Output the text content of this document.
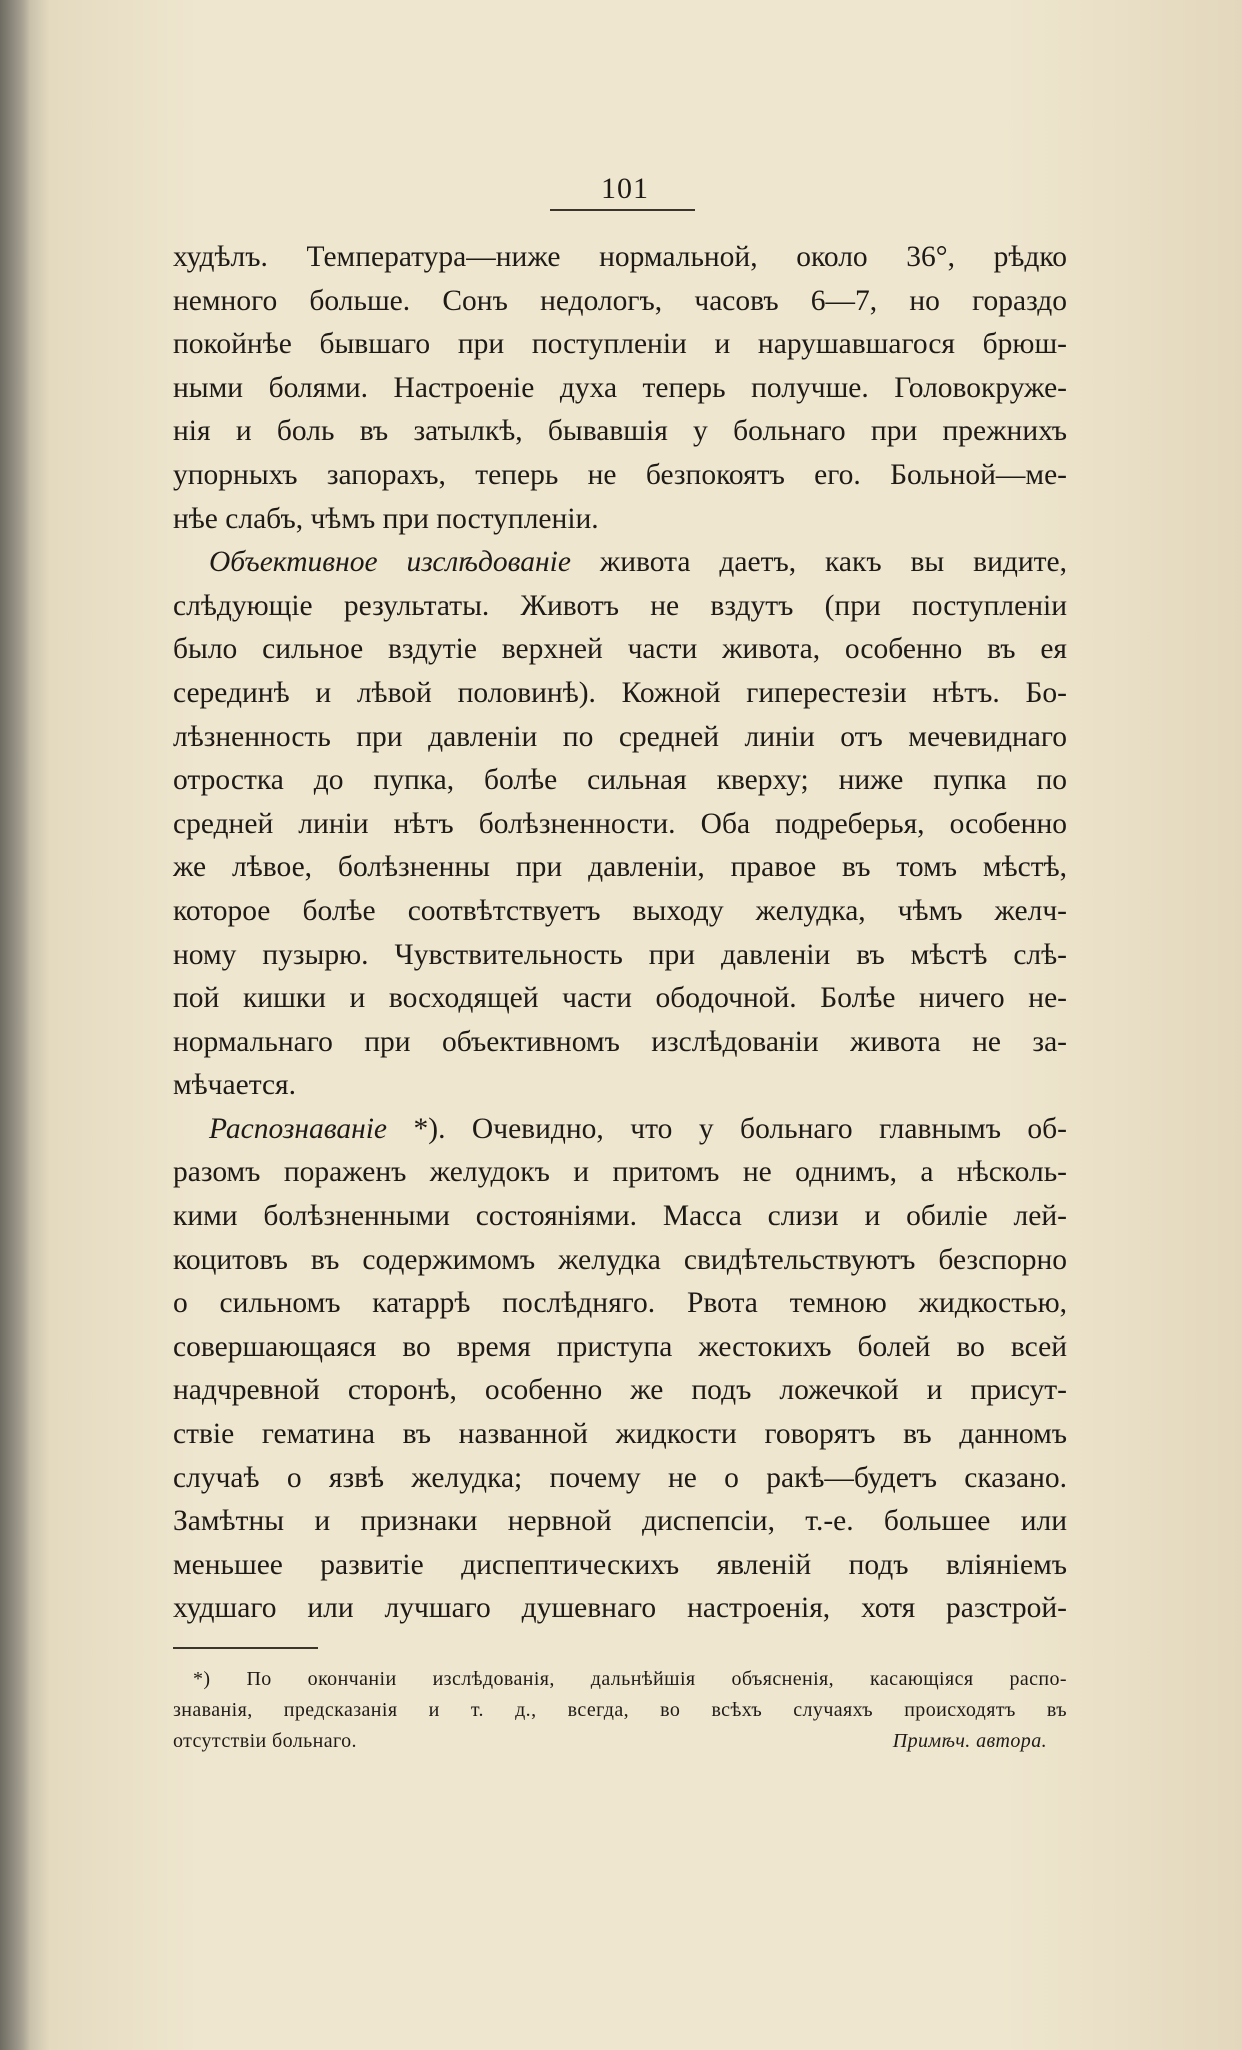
101
худѣлъ. Температура—ниже нормальной, около 36°, рѣдко
немного больше. Сонъ недологъ, часовъ 6—7, но гораздо
покойнѣе бывшаго при поступленіи и нарушавшагося брюш-
ными болями. Настроеніе духа теперь получше. Головокруже-
нія и боль въ затылкѣ, бывавшія у больнаго при прежнихъ
упорныхъ запорахъ, теперь не безпокоятъ его. Больной—ме-
нѣе слабъ, чѣмъ при поступленіи.
Объективное изслѣдованіе живота даетъ, какъ вы видите,
слѣдующіе результаты. Животъ не вздутъ (при поступленіи
было сильное вздутіе верхней части живота, особенно въ ея
серединѣ и лѣвой половинѣ). Кожной гиперестезіи нѣтъ. Бо-
лѣзненность при давленіи по средней линіи отъ мечевиднаго
отростка до пупка, болѣе сильная кверху; ниже пупка по
средней линіи нѣтъ болѣзненности. Оба подреберья, особенно
же лѣвое, болѣзненны при давленіи, правое въ томъ мѣстѣ,
которое болѣе соотвѣтствуетъ выходу желудка, чѣмъ желч-
ному пузырю. Чувствительность при давленіи въ мѣстѣ слѣ-
пой кишки и восходящей части ободочной. Болѣе ничего не-
нормальнаго при объективномъ изслѣдованіи живота не за-
мѣчается.
Распознаваніе *). Очевидно, что у больнаго главнымъ об-
разомъ пораженъ желудокъ и притомъ не однимъ, а нѣсколь-
кими болѣзненными состояніями. Масса слизи и обиліе лей-
коцитовъ въ содержимомъ желудка свидѣтельствуютъ безспорно
о сильномъ катаррѣ послѣдняго. Рвота темною жидкостью,
совершающаяся во время приступа жестокихъ болей во всей
надчревной сторонѣ, особенно же подъ ложечкой и присут-
ствіе гематина въ названной жидкости говорятъ въ данномъ
случаѣ о язвѣ желудка; почему не о ракѣ—будетъ сказано.
Замѣтны и признаки нервной диспепсіи, т.-е. большее или
меньшее развитіе диспептическихъ явленій подъ вліяніемъ
худшаго или лучшаго душевнаго настроенія, хотя разстрой-
*) По окончаніи изслѣдованія, дальнѣйшія объясненія, касающіяся распо-
знаванія, предсказанія и т. д., всегда, во всѣхъ случаяхъ происходятъ въ
отсутствіи больнаго.	Примѣч. автора.
